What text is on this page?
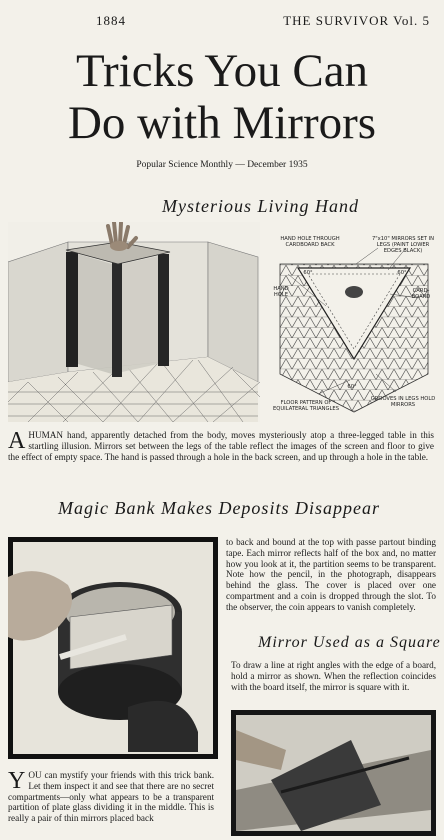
1884	THE SURVIVOR Vol. 5
Tricks You Can
Do with Mirrors
Popular Science Monthly — December 1935
Mysterious Living Hand
HAND HOLE THROUGH CARDBOARD BACK
7"x10" MIRRORS SET IN LEGS (PAINT LOWER EDGES BLACK)
HAND HOLE
CARD-BOARD
60°	60°
60°
FLOOR PATTERN OF EQUILATERAL TRIANGLES
GROOVES IN LEGS HOLD MIRRORS
AHUMAN hand, apparently detached from the body, moves mysteriously atop a three-legged table in this startling illusion. Mirrors set between the legs of the table reflect the images of the screen and floor to give the effect of empty space. The hand is passed through a hole in the back screen, and up through a hole in the table.
Magic Bank Makes Deposits Disappear
to back and bound at the top with passe partout binding tape. Each mirror reflects half of the box and, no matter how you look at it, the partition seems to be transparent. Note how the pencil, in the photograph, disappears behind the glass. The cover is placed over one compartment and a coin is dropped through the slot. To the observer, the coin appears to vanish completely.
Mirror Used as a Square
To draw a line at right angles with the edge of a board, hold a mirror as shown. When the reflection coincides with the board itself, the mirror is square with it.
YOU can mystify your friends with this trick bank. Let them inspect it and see that there are no secret compartments—only what appears to be a transparent partition of plate glass dividing it in the middle. This is really a pair of thin mirrors placed back
